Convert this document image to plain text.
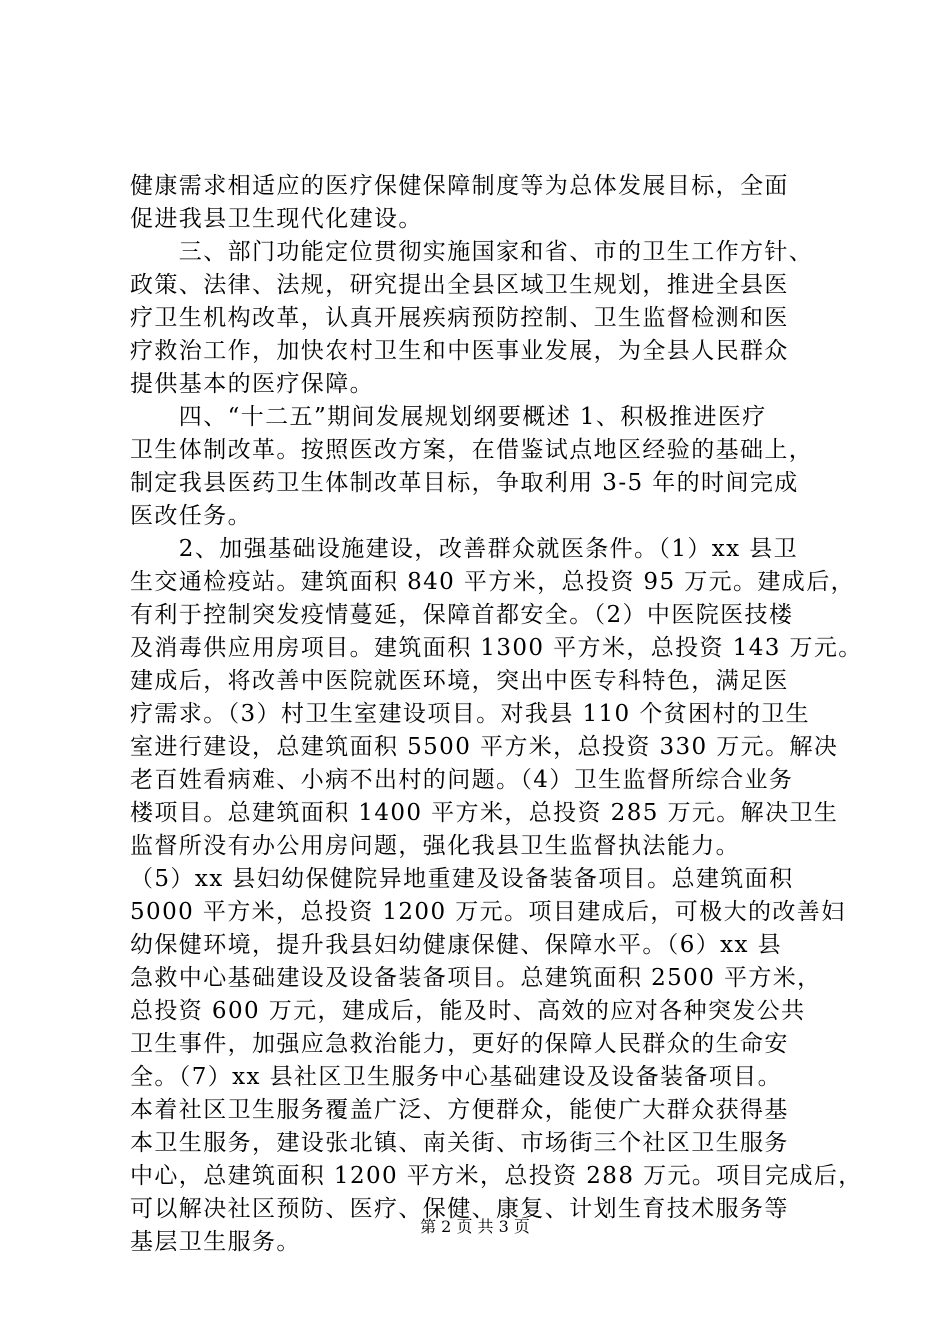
健康需求相适应的医疗保健保障制度等为总体发展目标，全面
促进我县卫生现代化建设。
　　三、部门功能定位贯彻实施国家和省、市的卫生工作方针、
政策、法律、法规，研究提出全县区域卫生规划，推进全县医
疗卫生机构改革，认真开展疾病预防控制、卫生监督检测和医
疗救治工作，加快农村卫生和中医事业发展，为全县人民群众
提供基本的医疗保障。
　　四、“十二五”期间发展规划纲要概述 1、积极推进医疗
卫生体制改革。按照医改方案，在借鉴试点地区经验的基础上，
制定我县医药卫生体制改革目标，争取利用 3-5 年的时间完成
医改任务。
　　2、加强基础设施建设，改善群众就医条件。（1）xx 县卫
生交通检疫站。建筑面积 840 平方米，总投资 95 万元。建成后，
有利于控制突发疫情蔓延，保障首都安全。（2）中医院医技楼
及消毒供应用房项目。建筑面积 1300 平方米，总投资 143 万元。
建成后，将改善中医院就医环境，突出中医专科特色，满足医
疗需求。（3）村卫生室建设项目。对我县 110 个贫困村的卫生
室进行建设，总建筑面积 5500 平方米，总投资 330 万元。解决
老百姓看病难、小病不出村的问题。（4）卫生监督所综合业务
楼项目。总建筑面积 1400 平方米，总投资 285 万元。解决卫生
监督所没有办公用房问题，强化我县卫生监督执法能力。
（5）xx 县妇幼保健院异地重建及设备装备项目。总建筑面积
5000 平方米，总投资 1200 万元。项目建成后，可极大的改善妇
幼保健环境，提升我县妇幼健康保健、保障水平。（6）xx 县
急救中心基础建设及设备装备项目。总建筑面积 2500 平方米，
总投资 600 万元，建成后，能及时、高效的应对各种突发公共
卫生事件，加强应急救治能力，更好的保障人民群众的生命安
全。（7）xx 县社区卫生服务中心基础建设及设备装备项目。
本着社区卫生服务覆盖广泛、方便群众，能使广大群众获得基
本卫生服务，建设张北镇、南关街、市场街三个社区卫生服务
中心，总建筑面积 1200 平方米，总投资 288 万元。项目完成后，
可以解决社区预防、医疗、保健、康复、计划生育技术服务等
基层卫生服务。
第 2 页 共 3 页
